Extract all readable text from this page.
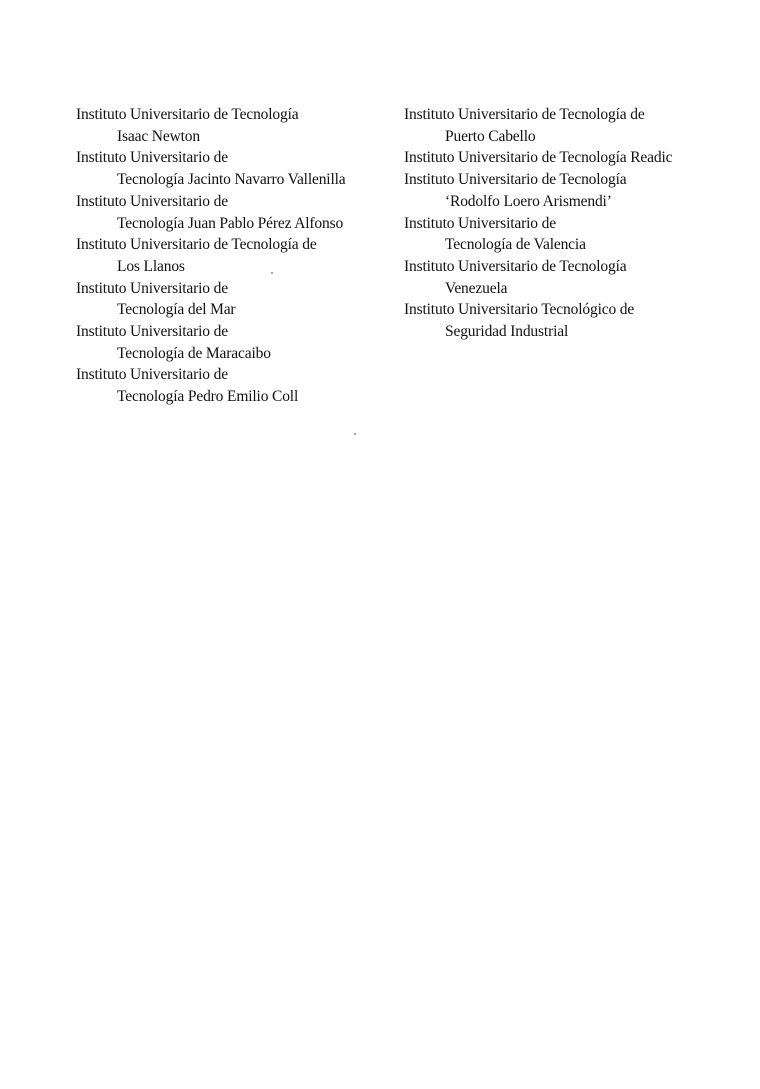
Instituto Universitario de Tecnología
Isaac Newton
Instituto Universitario de
Tecnología Jacinto Navarro Vallenilla
Instituto Universitario de
Tecnología Juan Pablo Pérez Alfonso
Instituto Universitario de Tecnología de
Los Llanos
Instituto Universitario de
Tecnología del Mar
Instituto Universitario de
Tecnología de Maracaibo
Instituto Universitario de
Tecnología Pedro Emilio Coll
Instituto Universitario de Tecnología de
Puerto Cabello
Instituto Universitario de Tecnología Readic
Instituto Universitario de Tecnología
‘Rodolfo Loero Arismendi’
Instituto Universitario de
Tecnología de Valencia
Instituto Universitario de Tecnología
Venezuela
Instituto Universitario Tecnológico de
Seguridad Industrial
